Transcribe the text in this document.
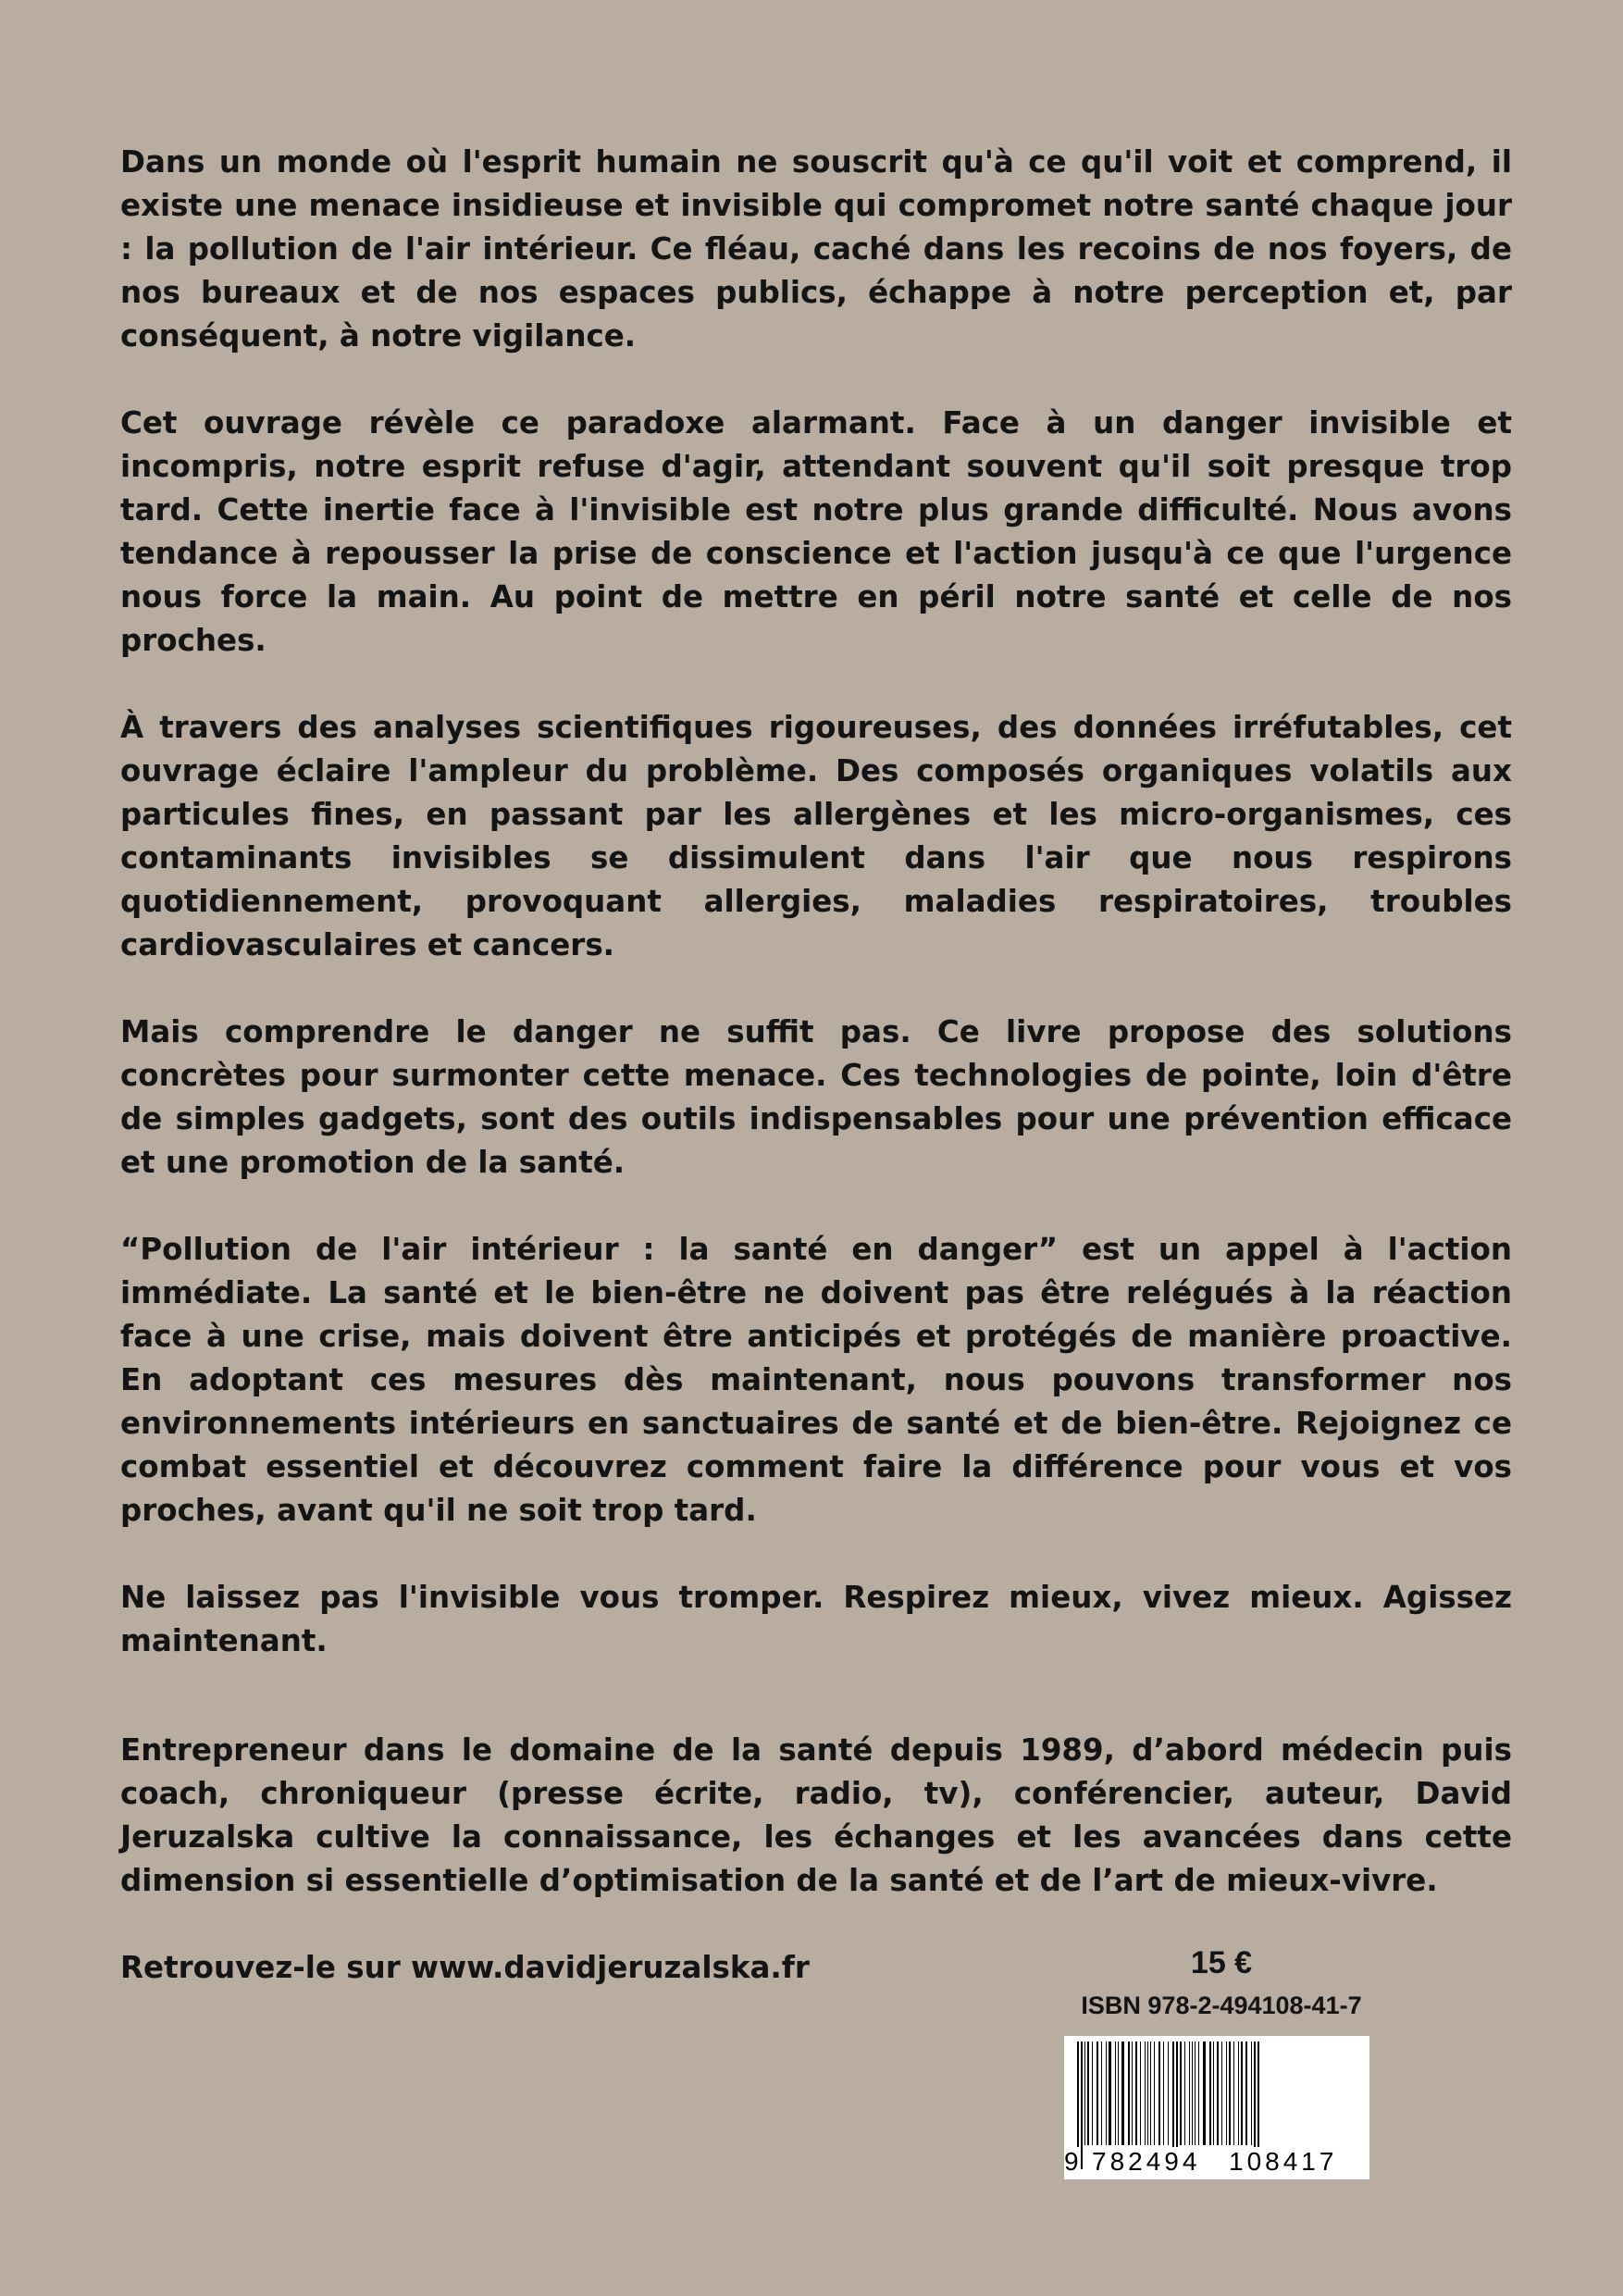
Dans un monde où l'esprit humain ne souscrit qu'à ce qu'il voit et comprend, il existe une menace insidieuse et invisible qui compromet notre santé chaque jour : la pollution de l'air intérieur. Ce fléau, caché dans les recoins de nos foyers, de nos bureaux et de nos espaces publics, échappe à notre perception et, par conséquent, à notre vigilance.

Cet ouvrage révèle ce paradoxe alarmant. Face à un danger invisible et incompris, notre esprit refuse d'agir, attendant souvent qu'il soit presque trop tard. Cette inertie face à l'invisible est notre plus grande difficulté. Nous avons tendance à repousser la prise de conscience et l'action jusqu'à ce que l'urgence nous force la main. Au point de mettre en péril notre santé et celle de nos proches.

À travers des analyses scientifiques rigoureuses, des données irréfutables, cet ouvrage éclaire l'ampleur du problème. Des composés organiques volatils aux particules fines, en passant par les allergènes et les micro-organismes, ces contaminants invisibles se dissimulent dans l'air que nous respirons quotidiennement, provoquant allergies, maladies respiratoires, troubles cardiovasculaires et cancers.

Mais comprendre le danger ne suffit pas. Ce livre propose des solutions concrètes pour surmonter cette menace. Ces technologies de pointe, loin d'être de simples gadgets, sont des outils indispensables pour une prévention efficace et une promotion de la santé.

“Pollution de l'air intérieur : la santé en danger” est un appel à l'action immédiate. La santé et le bien-être ne doivent pas être relégués à la réaction face à une crise, mais doivent être anticipés et protégés de manière proactive. En adoptant ces mesures dès maintenant, nous pouvons transformer nos environnements intérieurs en sanctuaires de santé et de bien-être. Rejoignez ce combat essentiel et découvrez comment faire la différence pour vous et vos proches, avant qu'il ne soit trop tard.

Ne laissez pas l'invisible vous tromper. Respirez mieux, vivez mieux. Agissez maintenant.

Entrepreneur dans le domaine de la santé depuis 1989, d’abord médecin puis coach, chroniqueur (presse écrite, radio, tv), conférencier, auteur, David Jeruzalska cultive la connaissance, les échanges et les avancées dans cette dimension si essentielle d’optimisation de la santé et de l’art de mieux-vivre.

Retrouvez-le sur www.davidjeruzalska.fr	15 €
ISBN 978-2-494108-41-7
9 782494 108417
